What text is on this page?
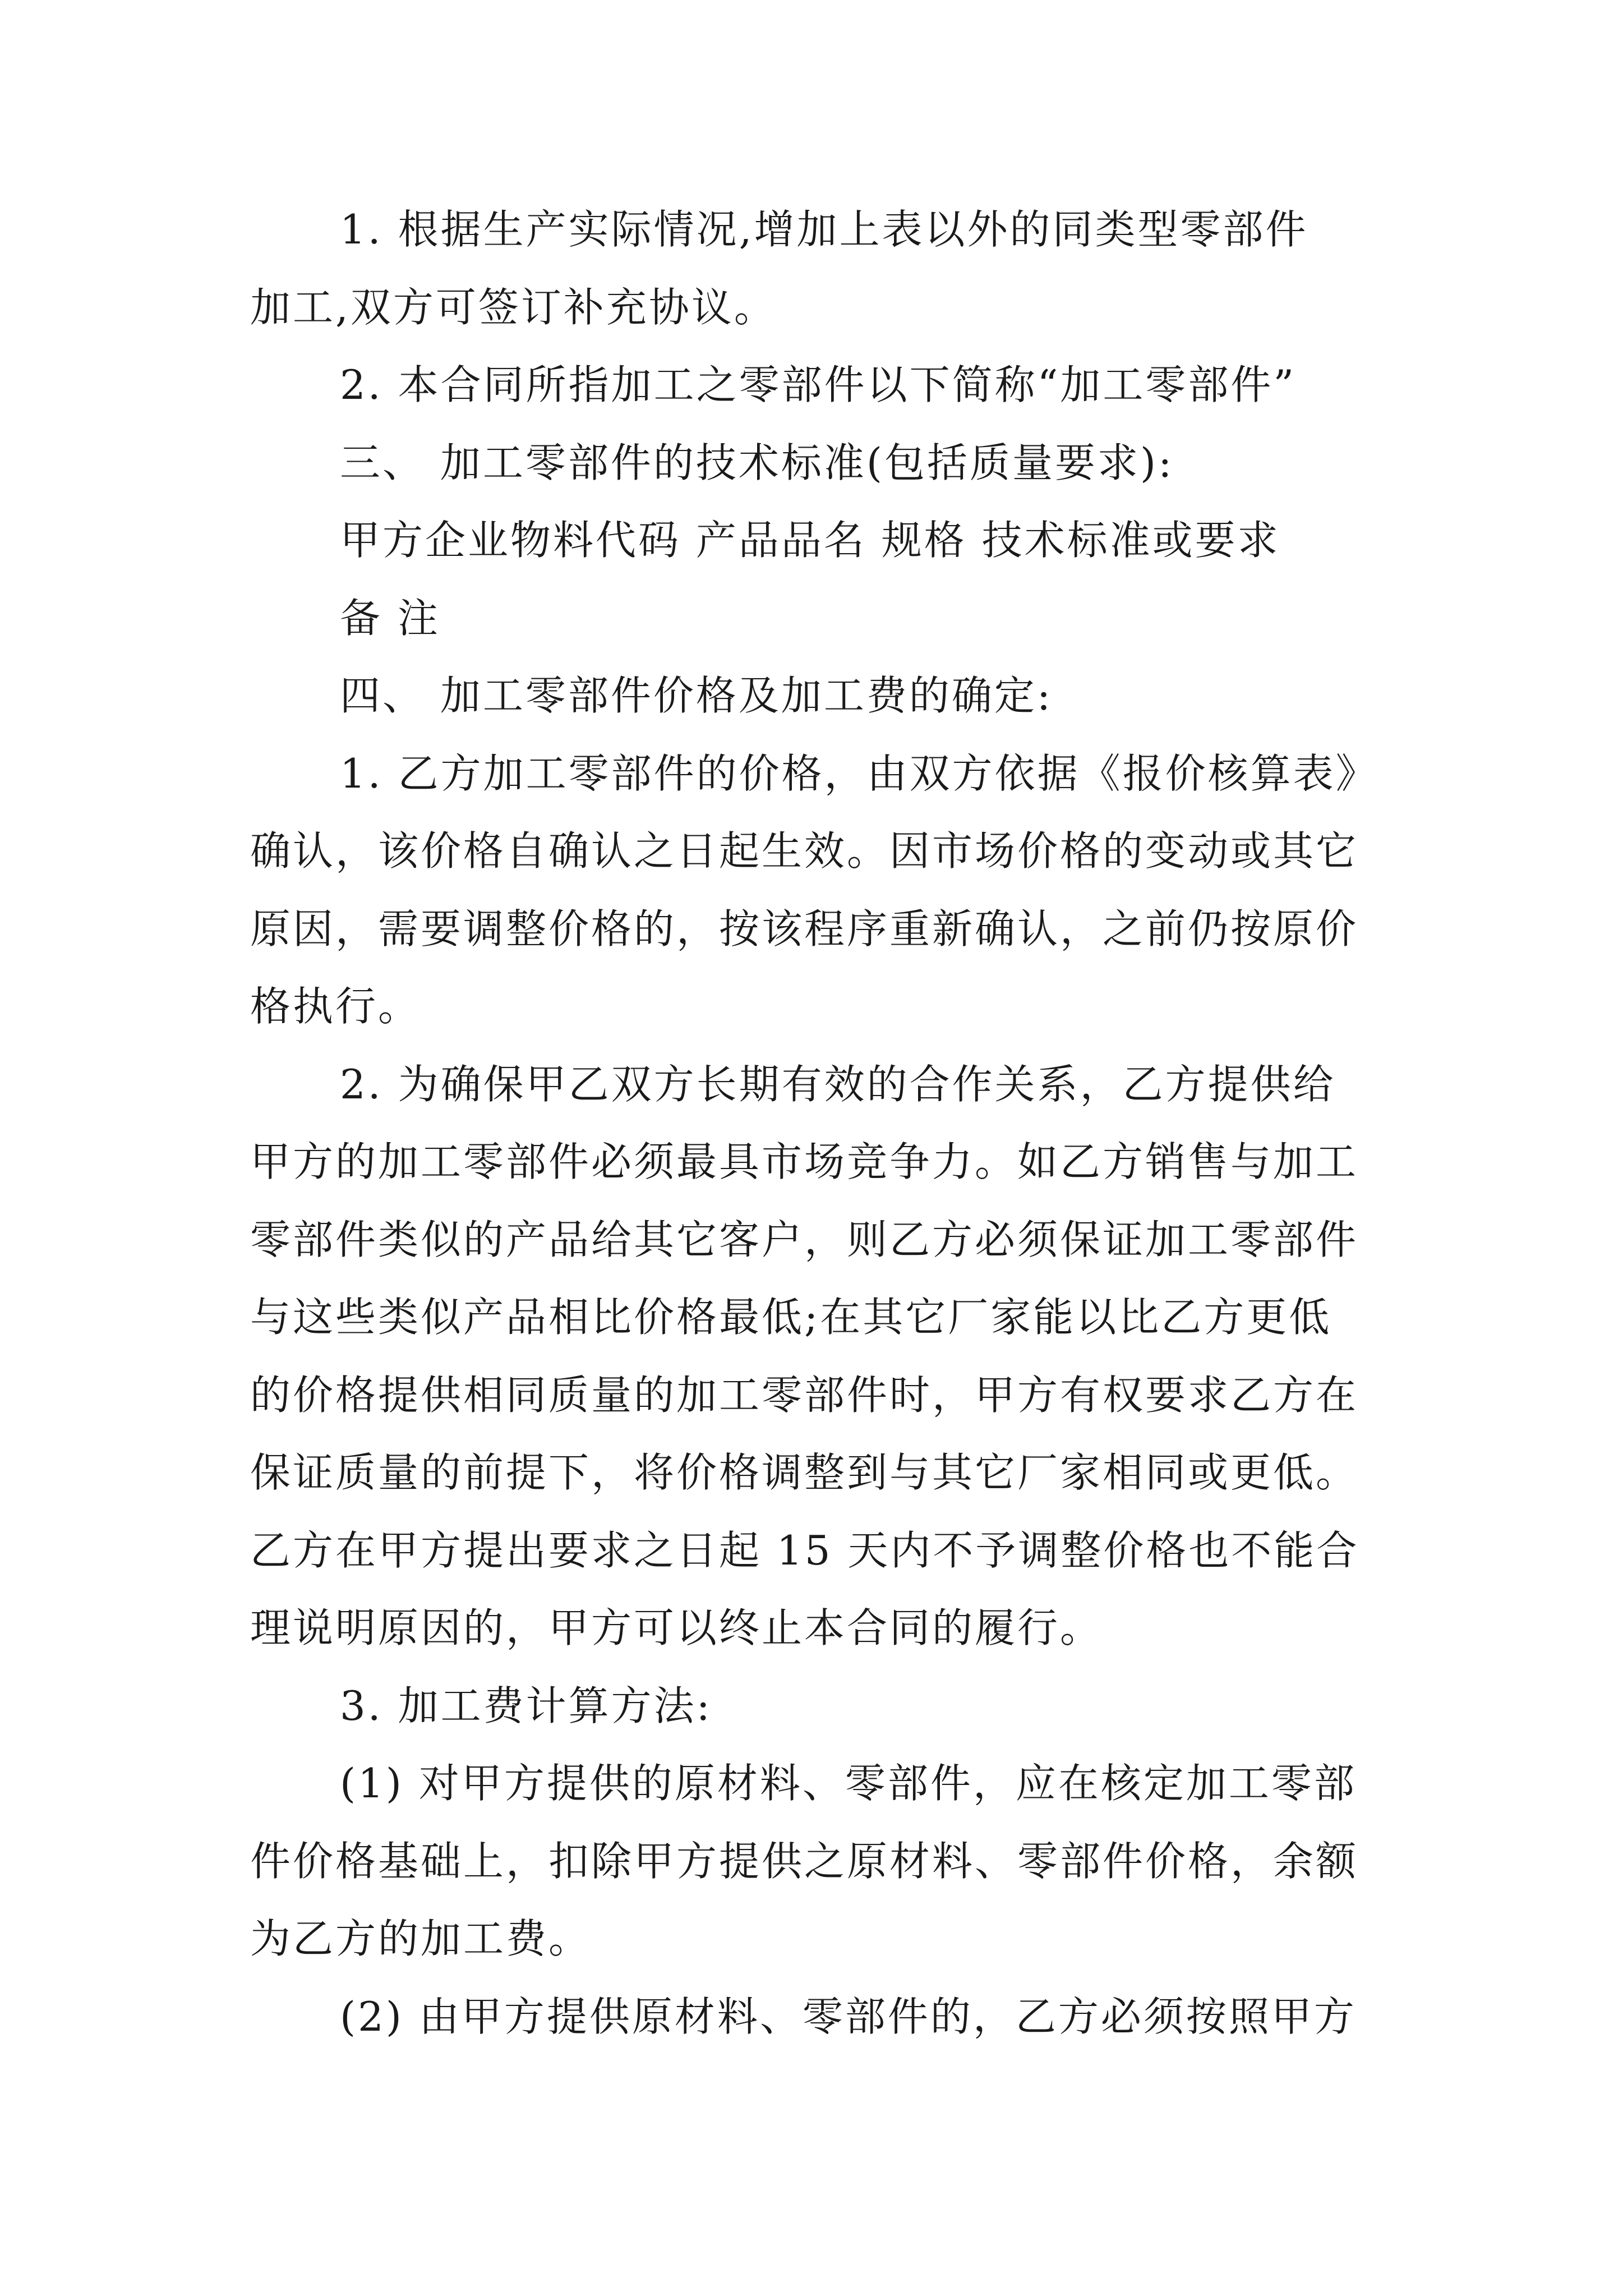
1. 根据生产实际情况,增加上表以外的同类型零部件
加工,双方可签订补充协议。
2. 本合同所指加工之零部件以下简称“加工零部件”
三、 加工零部件的技术标准(包括质量要求):
甲方企业物料代码 产品品名 规格 技术标准或要求
备 注
四、 加工零部件价格及加工费的确定:
1. 乙方加工零部件的价格，由双方依据《报价核算表》
确认，该价格自确认之日起生效。因市场价格的变动或其它
原因，需要调整价格的，按该程序重新确认，之前仍按原价
格执行。
2. 为确保甲乙双方长期有效的合作关系，乙方提供给
甲方的加工零部件必须最具市场竞争力。如乙方销售与加工
零部件类似的产品给其它客户，则乙方必须保证加工零部件
与这些类似产品相比价格最低;在其它厂家能以比乙方更低
的价格提供相同质量的加工零部件时，甲方有权要求乙方在
保证质量的前提下，将价格调整到与其它厂家相同或更低。
乙方在甲方提出要求之日起 15 天内不予调整价格也不能合
理说明原因的，甲方可以终止本合同的履行。
3. 加工费计算方法:
(1) 对甲方提供的原材料、零部件，应在核定加工零部
件价格基础上，扣除甲方提供之原材料、零部件价格，余额
为乙方的加工费。
(2) 由甲方提供原材料、零部件的，乙方必须按照甲方
